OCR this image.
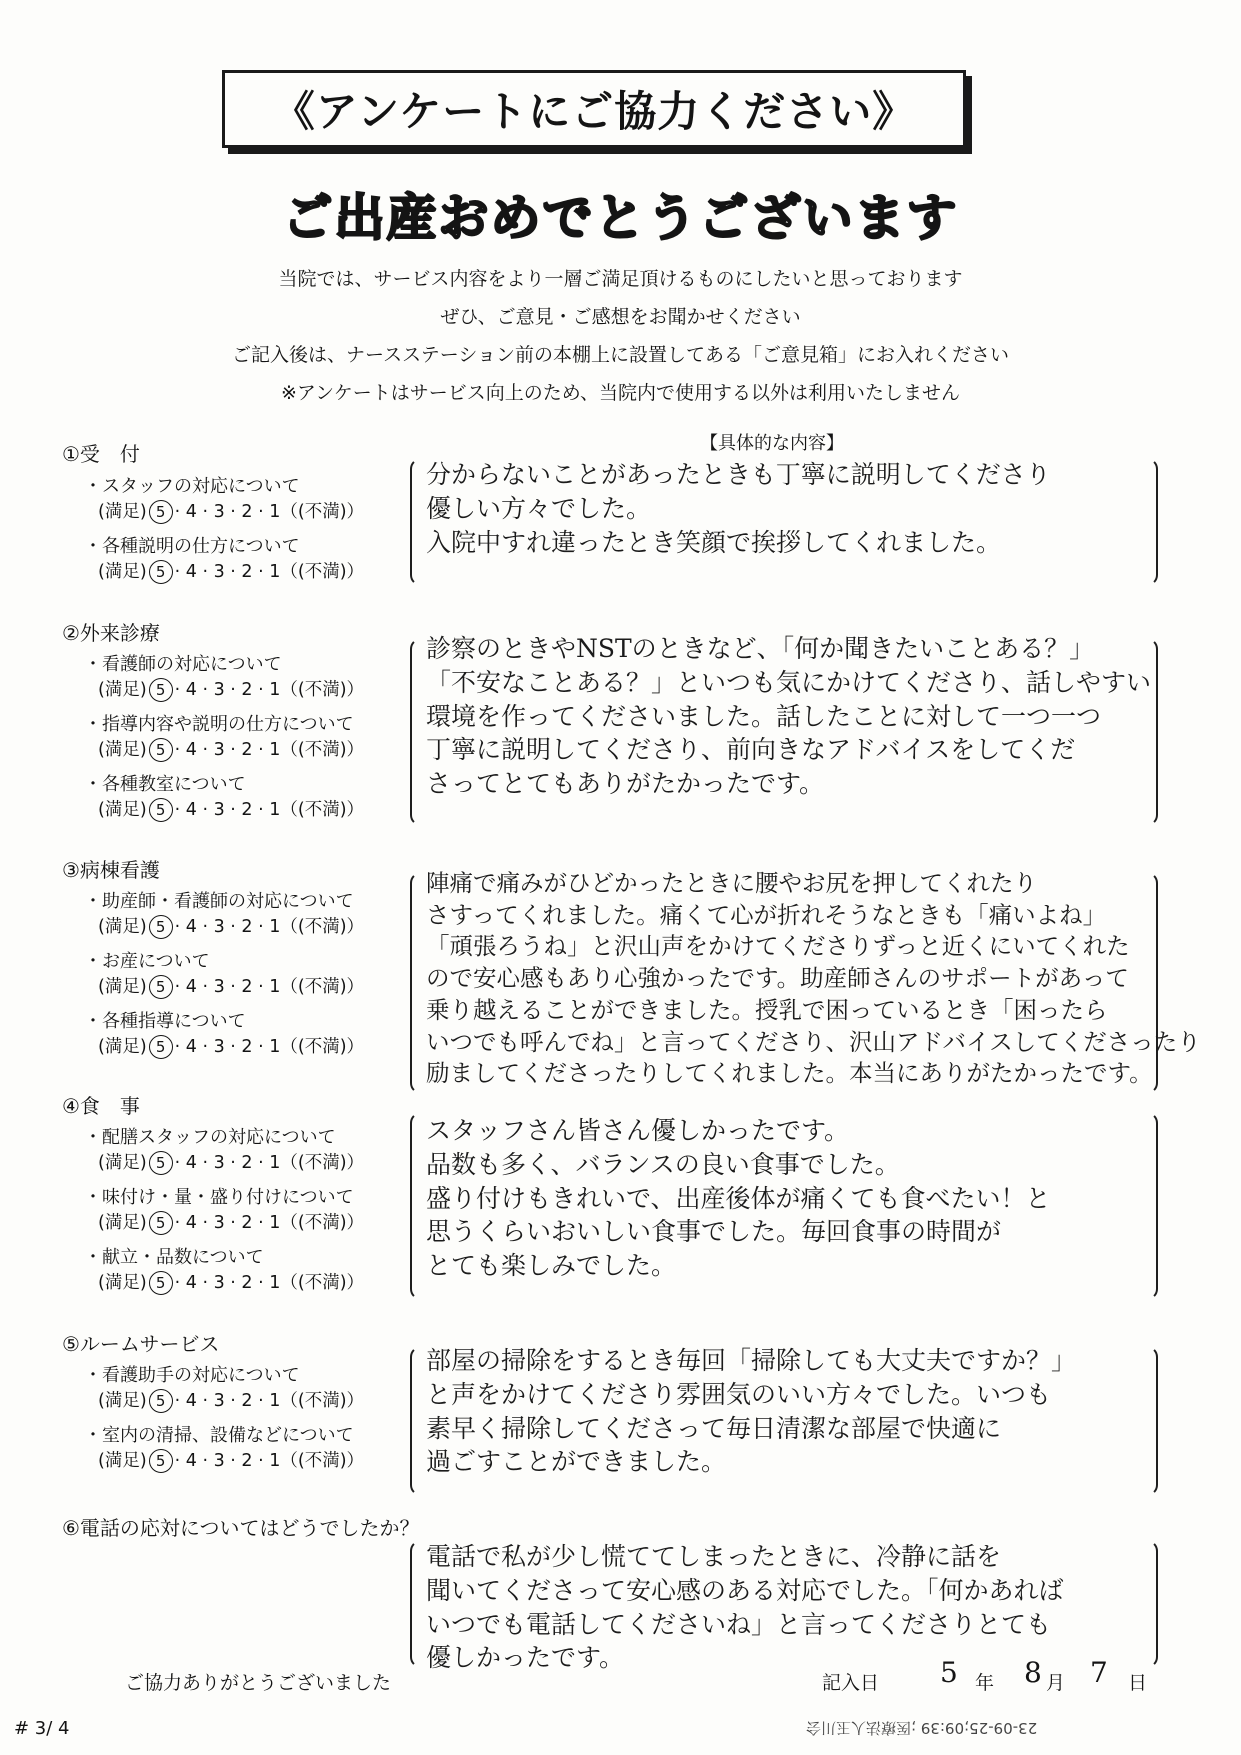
《アンケートにご協力ください》
ご出産おめでとうございます
当院では、サービス内容をより一層ご満足頂けるものにしたいと思っております
ぜひ、ご意見・ご感想をお聞かせください
ご記入後は、ナースステーション前の本棚上に設置してある「ご意見箱」にお入れください
※アンケートはサービス向上のため、当院内で使用する以外は利用いたしません
【具体的な内容】
①受　付
・スタッフの対応について
(満足) 5 · 4 · 3 · 2 · 1（(不満)）
・各種説明の仕方について
(満足) 5 · 4 · 3 · 2 · 1（(不満)）
分からないことがあったときも丁寧に説明してくださり
優しい方々でした。
入院中すれ違ったとき笑顔で挨拶してくれました。
②外来診療
・看護師の対応について
(満足) 5 · 4 · 3 · 2 · 1（(不満)）
・指導内容や説明の仕方について
(満足) 5 · 4 · 3 · 2 · 1（(不満)）
・各種教室について
(満足) 5 · 4 · 3 · 2 · 1（(不満)）
診察のときやNSTのときなど、「何か聞きたいことある？」
「不安なことある？」といつも気にかけてくださり、話しやすい
環境を作ってくださいました。話したことに対して一つ一つ
丁寧に説明してくださり、前向きなアドバイスをしてくだ
さってとてもありがたかったです。
③病棟看護
・助産師・看護師の対応について
(満足) 5 · 4 · 3 · 2 · 1（(不満)）
・お産について
(満足) 5 · 4 · 3 · 2 · 1（(不満)）
・各種指導について
(満足) 5 · 4 · 3 · 2 · 1（(不満)）
陣痛で痛みがひどかったときに腰やお尻を押してくれたり
さすってくれました。痛くて心が折れそうなときも「痛いよね」
「頑張ろうね」と沢山声をかけてくださりずっと近くにいてくれた
ので安心感もあり心強かったです。助産師さんのサポートがあって
乗り越えることができました。授乳で困っているとき「困ったら
いつでも呼んでね」と言ってくださり、沢山アドバイスしてくださったり
励ましてくださったりしてくれました。本当にありがたかったです。
④食　事
・配膳スタッフの対応について
(満足) 5 · 4 · 3 · 2 · 1（(不満)）
・味付け・量・盛り付けについて
(満足) 5 · 4 · 3 · 2 · 1（(不満)）
・献立・品数について
(満足) 5 · 4 · 3 · 2 · 1（(不満)）
スタッフさん皆さん優しかったです。
品数も多く、バランスの良い食事でした。
盛り付けもきれいで、出産後体が痛くても食べたい！と
思うくらいおいしい食事でした。毎回食事の時間が
とても楽しみでした。
⑤ルームサービス
・看護助手の対応について
(満足) 5 · 4 · 3 · 2 · 1（(不満)）
・室内の清掃、設備などについて
(満足) 5 · 4 · 3 · 2 · 1（(不満)）
部屋の掃除をするとき毎回「掃除しても大丈夫ですか？」
と声をかけてくださり雰囲気のいい方々でした。いつも
素早く掃除してくださって毎日清潔な部屋で快適に
過ごすことができました。
⑥電話の応対についてはどうでしたか？
電話で私が少し慌ててしまったときに、冷静に話を
聞いてくださって安心感のある対応でした。「何かあれば
いつでも電話してくださいね」と言ってくださりとても
優しかったです。
ご協力ありがとうございました	記入日 5 年 8 月 7 日
# 3/ 4	23-09-25;09:39 ;医療法人玉川会
